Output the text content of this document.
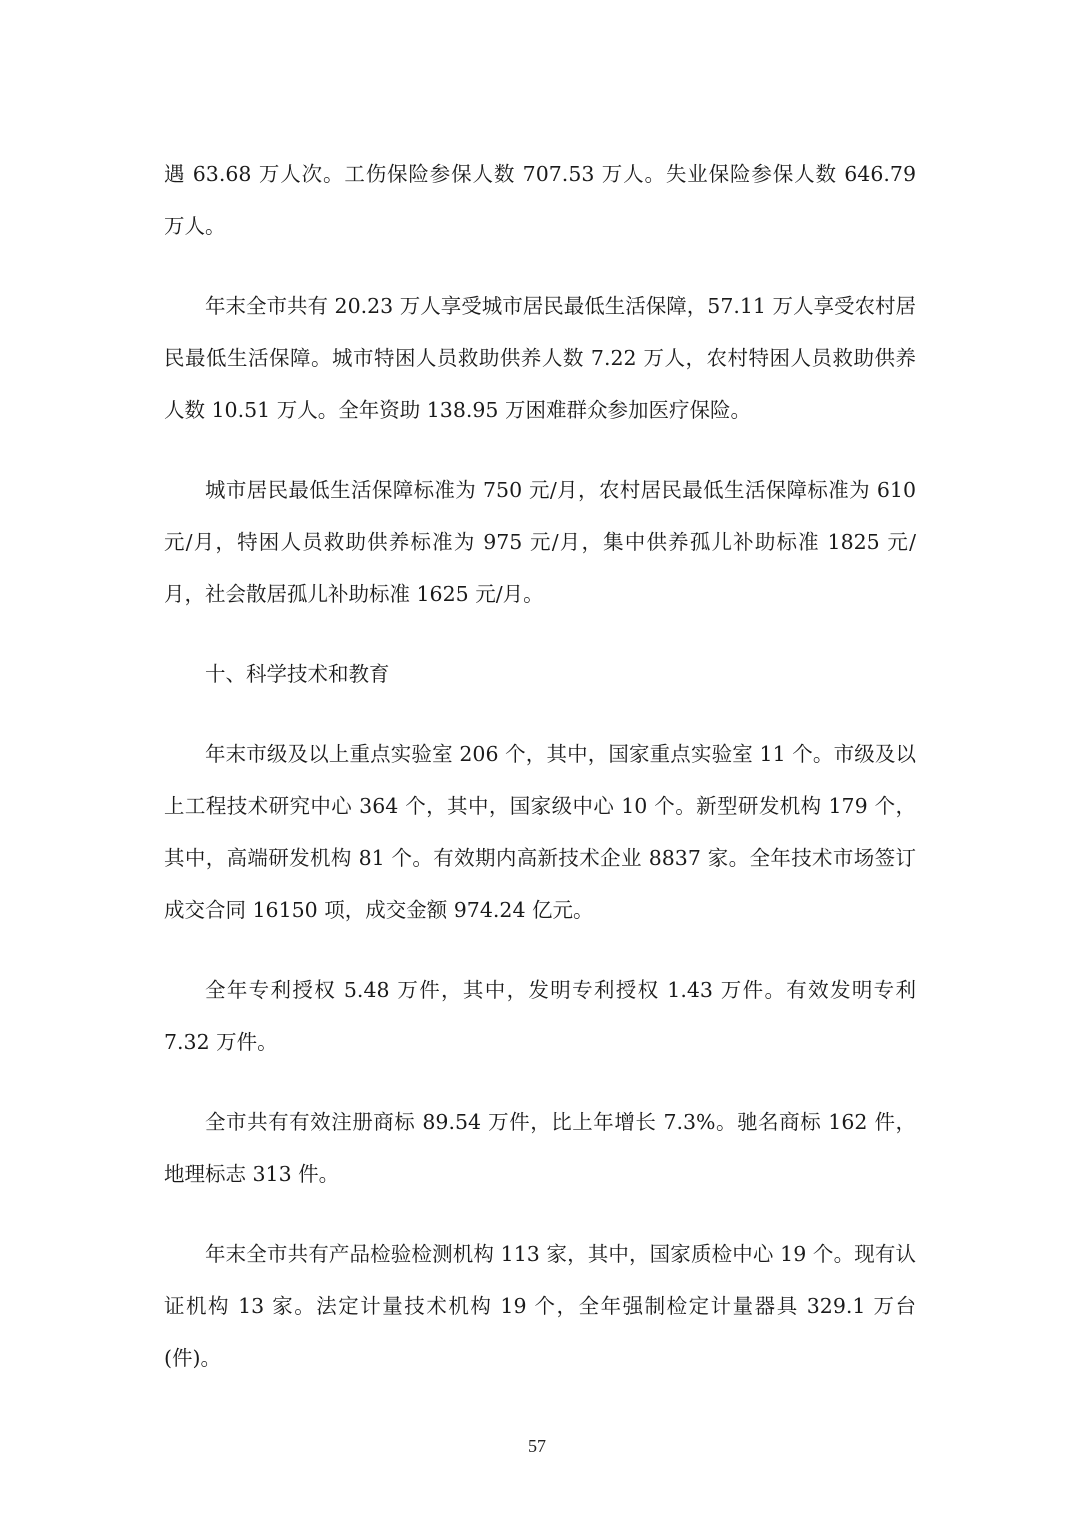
遇 63.68 万人次。工伤保险参保人数 707.53 万人。失业保险参保人数 646.79 万人。

年末全市共有 20.23 万人享受城市居民最低生活保障，57.11 万人享受农村居民最低生活保障。城市特困人员救助供养人数 7.22 万人，农村特困人员救助供养人数 10.51 万人。全年资助 138.95 万困难群众参加医疗保险。

城市居民最低生活保障标准为 750 元/月，农村居民最低生活保障标准为 610 元/月，特困人员救助供养标准为 975 元/月，集中供养孤儿补助标准 1825 元/月，社会散居孤儿补助标准 1625 元/月。

十、科学技术和教育

年末市级及以上重点实验室 206 个，其中，国家重点实验室 11 个。市级及以上工程技术研究中心 364 个，其中，国家级中心 10 个。新型研发机构 179 个，其中，高端研发机构 81 个。有效期内高新技术企业 8837 家。全年技术市场签订成交合同 16150 项，成交金额 974.24 亿元。

全年专利授权 5.48 万件，其中，发明专利授权 1.43 万件。有效发明专利 7.32 万件。

全市共有有效注册商标 89.54 万件，比上年增长 7.3%。驰名商标 162 件，地理标志 313 件。

年末全市共有产品检验检测机构 113 家，其中，国家质检中心 19 个。现有认证机构 13 家。法定计量技术机构 19 个，全年强制检定计量器具 329.1 万台(件)。

57
